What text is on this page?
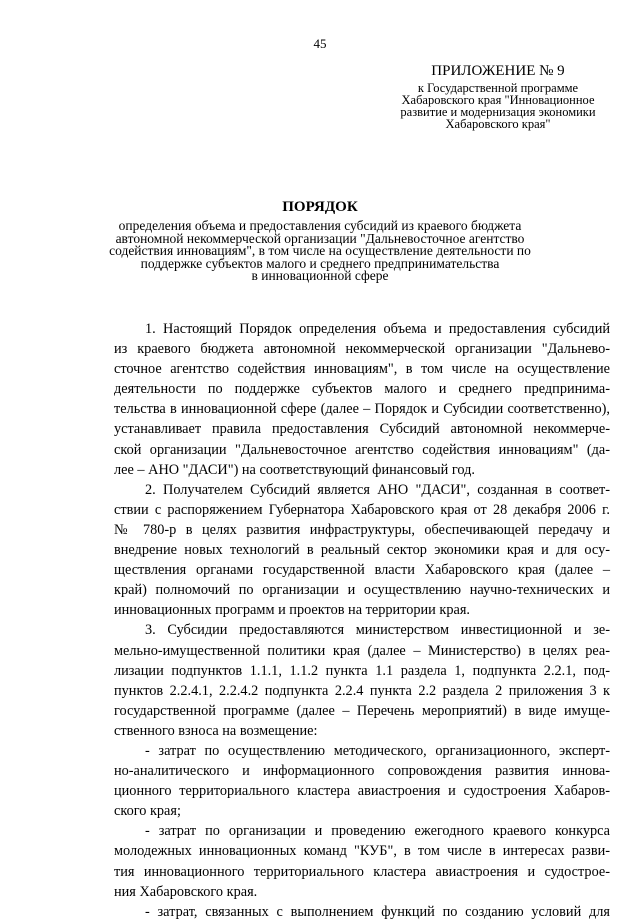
45
ПРИЛОЖЕНИЕ № 9
к Государственной программе
Хабаровского края "Инновационное
развитие и модернизация экономики
Хабаровского края"
ПОРЯДОК
определения объема и предоставления субсидий из краевого бюджета
автономной некоммерческой организации "Дальневосточное агентство
содействия инновациям", в том числе на осуществление деятельности по
поддержке субъектов малого и среднего предпринимательства
в инновационной сфере
1. Настоящий Порядок определения объема и предоставления субсидий
из краевого бюджета автономной некоммерческой организации "Дальнево-
сточное агентство содействия инновациям", в том числе на осуществление
деятельности по поддержке субъектов малого и среднего предпринима-
тельства в инновационной сфере (далее – Порядок и Субсидии соответственно),
устанавливает правила предоставления Субсидий автономной некоммерче-
ской организации "Дальневосточное агентство содействия инновациям" (да-
лее – АНО "ДАСИ") на соответствующий финансовый год.
2. Получателем Субсидий является АНО "ДАСИ", созданная в соответ-
ствии с распоряжением Губернатора Хабаровского края от 28 декабря 2006 г.
№ 780-р в целях развития инфраструктуры, обеспечивающей передачу и
внедрение новых технологий в реальный сектор экономики края и для осу-
ществления органами государственной власти Хабаровского края (далее –
край) полномочий по организации и осуществлению научно-технических и
инновационных программ и проектов на территории края.
3. Субсидии предоставляются министерством инвестиционной и зе-
мельно-имущественной политики края (далее – Министерство) в целях реа-
лизации подпунктов 1.1.1, 1.1.2 пункта 1.1 раздела 1, подпункта 2.2.1, под-
пунктов 2.2.4.1, 2.2.4.2 подпункта 2.2.4 пункта 2.2 раздела 2 приложения 3 к
государственной программе (далее – Перечень мероприятий) в виде имуще-
ственного взноса на возмещение:
- затрат по осуществлению методического, организационного, эксперт-
но-аналитического и информационного сопровождения развития иннова-
ционного территориального кластера авиастроения и судостроения Хабаров-
ского края;
- затрат по организации и проведению ежегодного краевого конкурса
молодежных инновационных команд "КУБ", в том числе в интересах разви-
тия инновационного территориального кластера авиастроения и судострое-
ния Хабаровского края.
- затрат, связанных с выполнением функций по созданию условий для
